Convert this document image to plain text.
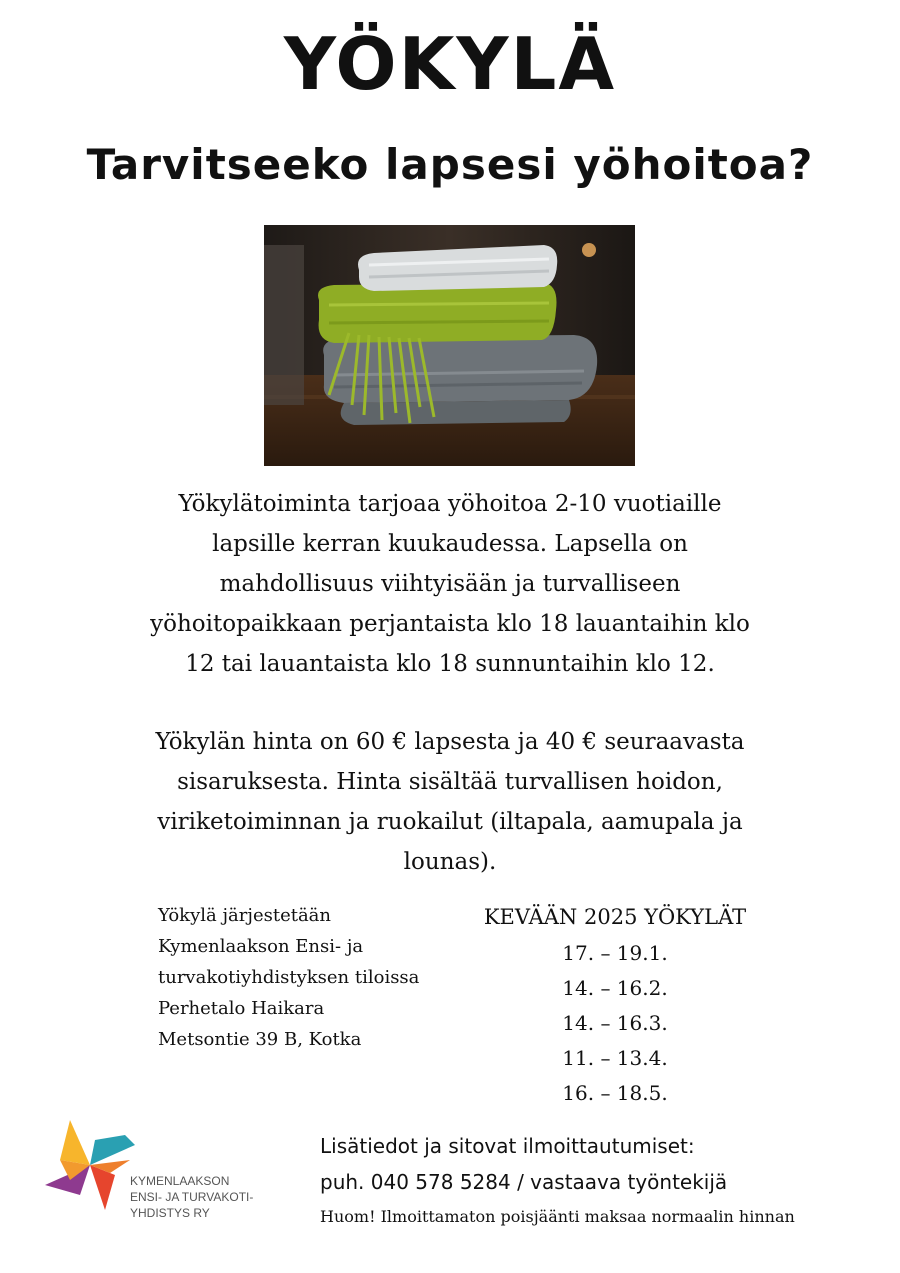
YÖKYLÄ
Tarvitseeko lapsesi yöhoitoa?

Yökylätoiminta tarjoaa yöhoitoa 2-10 vuotiaille
lapsille kerran kuukaudessa. Lapsella on
mahdollisuus viihtyisään ja turvalliseen
yöhoitopaikkaan perjantaista klo 18 lauantaihin klo
12 tai lauantaista klo 18 sunnuntaihin klo 12.

Yökylän hinta on 60 € lapsesta ja 40 € seuraavasta
sisaruksesta. Hinta sisältää turvallisen hoidon,
viriketoiminnan ja ruokailut (iltapala, aamupala ja
lounas).

Yökylä järjestetään
Kymenlaakson Ensi- ja
turvakotiyhdistyksen tiloissa
Perhetalo Haikara
Metsontie 39 B, Kotka

KEVÄÄN 2025 YÖKYLÄT

17. – 19.1.
14. – 16.2.
14. – 16.3.
11. – 13.4.
16. – 18.5.
KYMENLAAKSON
ENSI- JA TURVAKOTI-
YHDISTYS RY

Lisätiedot ja sitovat ilmoittautumiset:
puh. 040 578 5284 / vastaava työntekijä
Huom! Ilmoittamaton poisjäänti maksaa normaalin hinnan
